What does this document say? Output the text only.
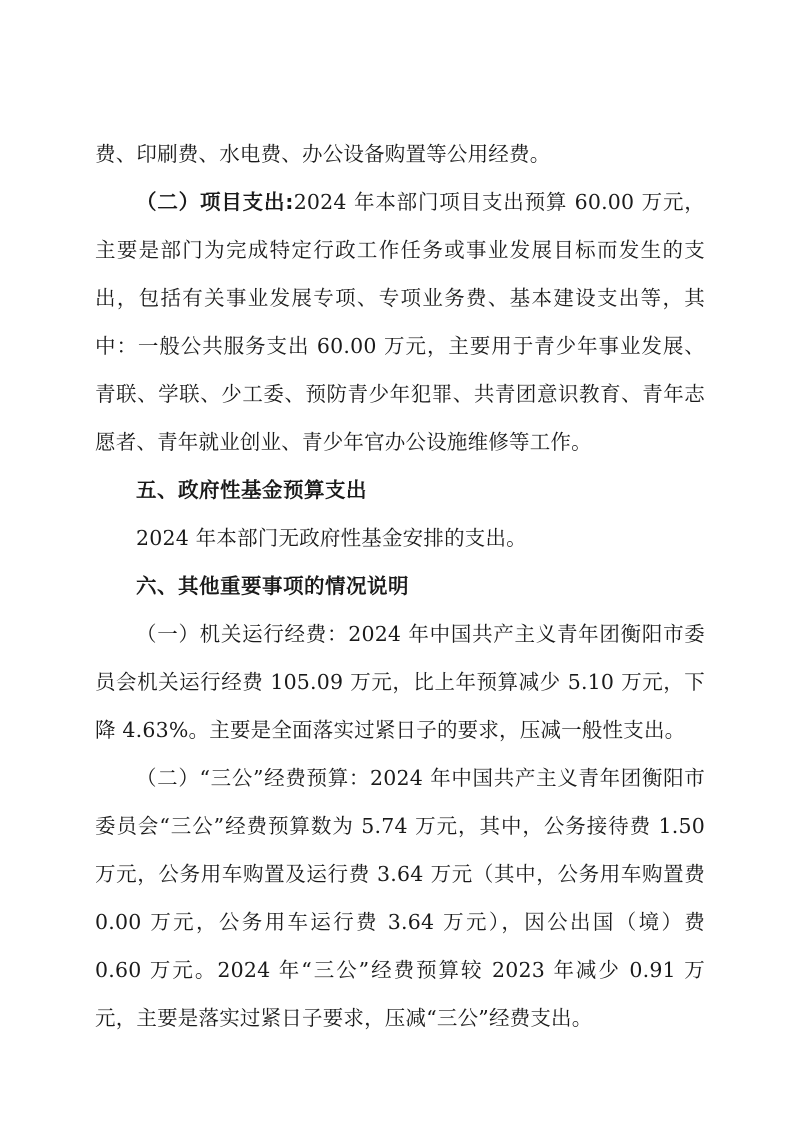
费、印刷费、水电费、办公设备购置等公用经费。

（二）项目支出:2024 年本部门项目支出预算 60.00 万元，主要是部门为完成特定行政工作任务或事业发展目标而发生的支出，包括有关事业发展专项、专项业务费、基本建设支出等，其中：一般公共服务支出 60.00 万元，主要用于青少年事业发展、青联、学联、少工委、预防青少年犯罪、共青团意识教育、青年志愿者、青年就业创业、青少年官办公设施维修等工作。

五、政府性基金预算支出

2024 年本部门无政府性基金安排的支出。

六、其他重要事项的情况说明

（一）机关运行经费：2024 年中国共产主义青年团衡阳市委员会机关运行经费 105.09 万元，比上年预算减少 5.10 万元，下降 4.63%。主要是全面落实过紧日子的要求，压减一般性支出。

（二）“三公”经费预算：2024 年中国共产主义青年团衡阳市委员会“三公”经费预算数为 5.74 万元，其中，公务接待费 1.50 万元，公务用车购置及运行费 3.64 万元（其中，公务用车购置费 0.00 万元，公务用车运行费 3.64 万元），因公出国（境）费 0.60 万元。2024 年“三公”经费预算较 2023 年减少 0.91 万元，主要是落实过紧日子要求，压减“三公”经费支出。
